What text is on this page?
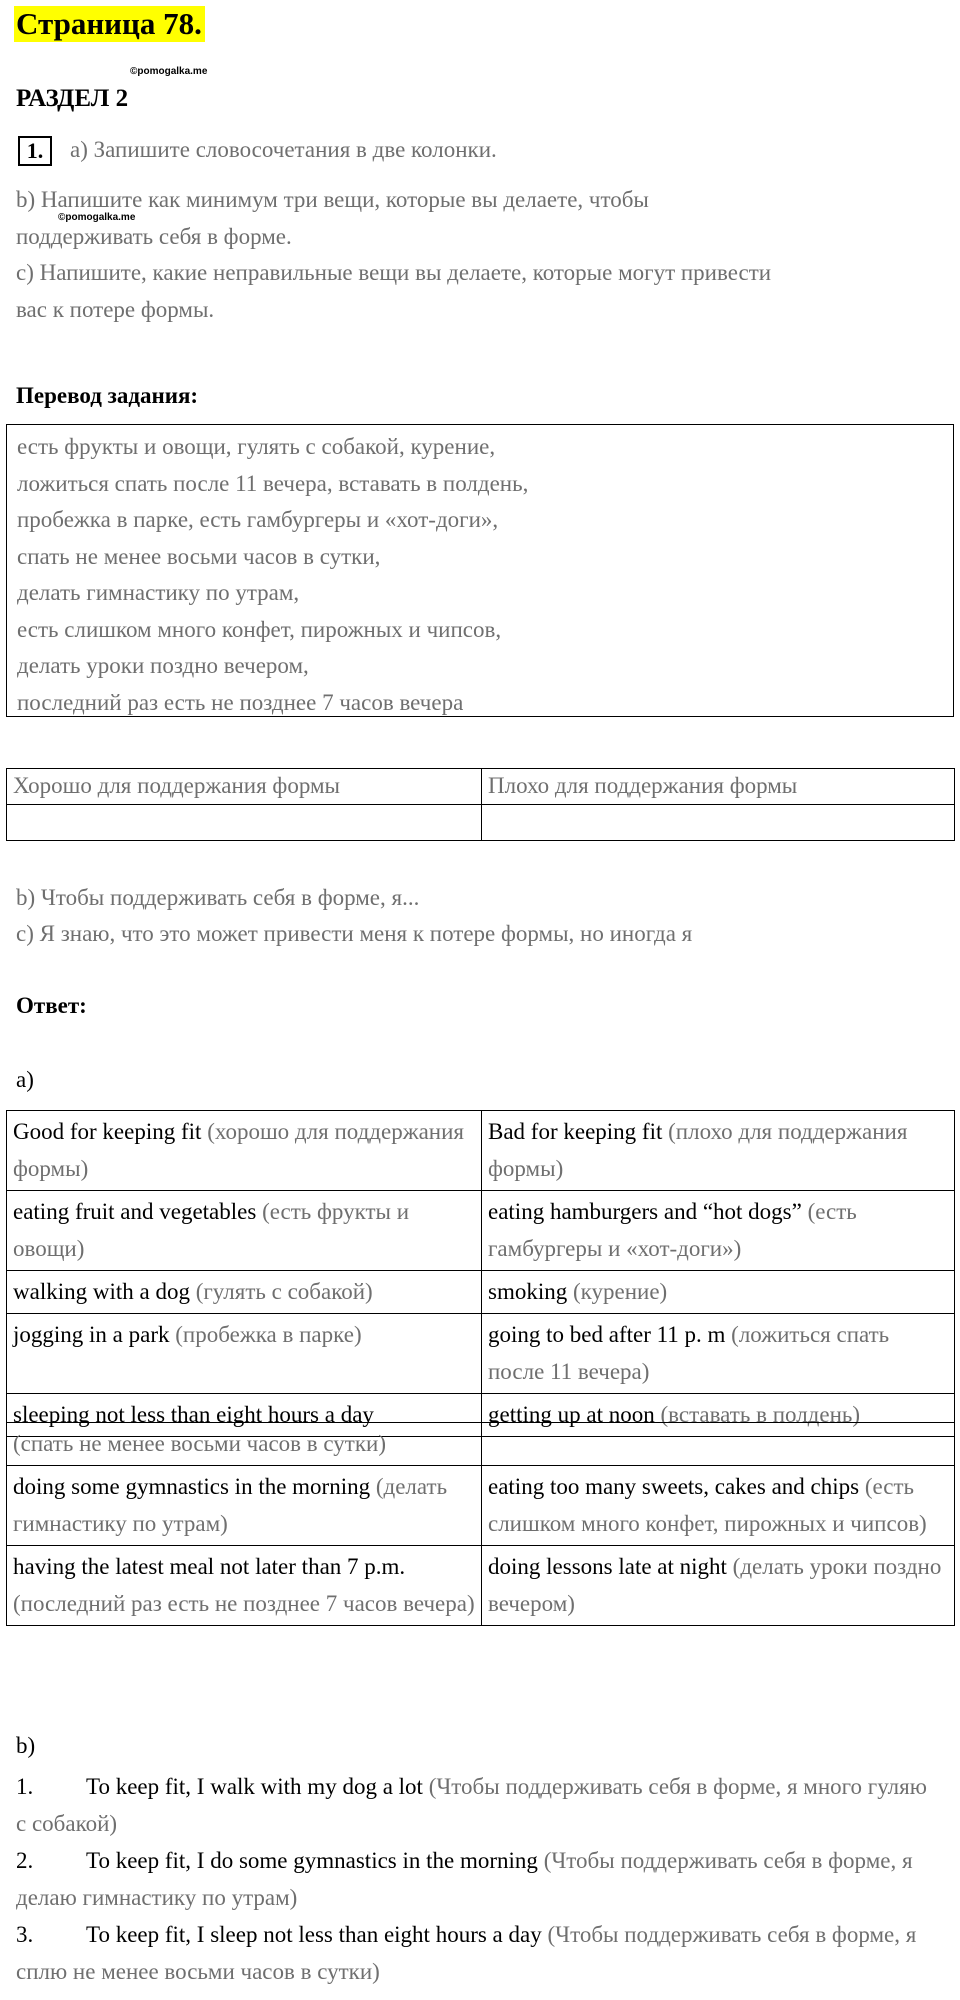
Страница 78.
©pomogalka.me
РАЗДЕЛ 2
1.	a) Запишите словосочетания в две колонки.
b) Напишите как минимум три вещи, которые вы делаете, чтобы
©pomogalka.me
поддерживать себя в форме.
c) Напишите, какие неправильные вещи вы делаете, которые могут привести
вас к потере формы.
Перевод задания:
есть фрукты и овощи, гулять с собакой, курение,
ложиться спать после 11 вечера, вставать в полдень,
пробежка в парке, есть гамбургеры и «хот-доги»,
спать не менее восьми часов в сутки,
делать гимнастику по утрам,
есть слишком много конфет, пирожных и чипсов,
делать уроки поздно вечером,
последний раз есть не позднее 7 часов вечера
Хорошо для поддержания формы	Плохо для поддержания формы

b) Чтобы поддерживать себя в форме, я...
c) Я знаю, что это может привести меня к потере формы, но иногда я
Ответ:
a)
Good for keeping fit (хорошо для поддержания формы)	Bad for keeping fit (плохо для поддержания формы)
eating fruit and vegetables (есть фрукты и овощи)	eating hamburgers and “hot dogs” (есть гамбургеры и «хот-доги»)
walking with a dog (гулять с собакой)	smoking (курение)
jogging in a park (пробежка в парке)	going to bed after 11 p. m (ложиться спать после 11 вечера)
sleeping not less than eight hours a day	getting up at noon (вставать в полдень)
(спать не менее восьми часов в сутки)	
doing some gymnastics in the morning (делать гимнастику по утрам)	eating too many sweets, cakes and chips (есть слишком много конфет, пирожных и чипсов)
having the latest meal not later than 7 p.m. (последний раз есть не позднее 7 часов вечера)	doing lessons late at night (делать уроки поздно вечером)
b)
1. To keep fit, I walk with my dog a lot (Чтобы поддерживать себя в форме, я много гуляю с собакой)
2. To keep fit, I do some gymnastics in the morning (Чтобы поддерживать себя в форме, я делаю гимнастику по утрам)
3. To keep fit, I sleep not less than eight hours a day (Чтобы поддерживать себя в форме, я сплю не менее восьми часов в сутки)
